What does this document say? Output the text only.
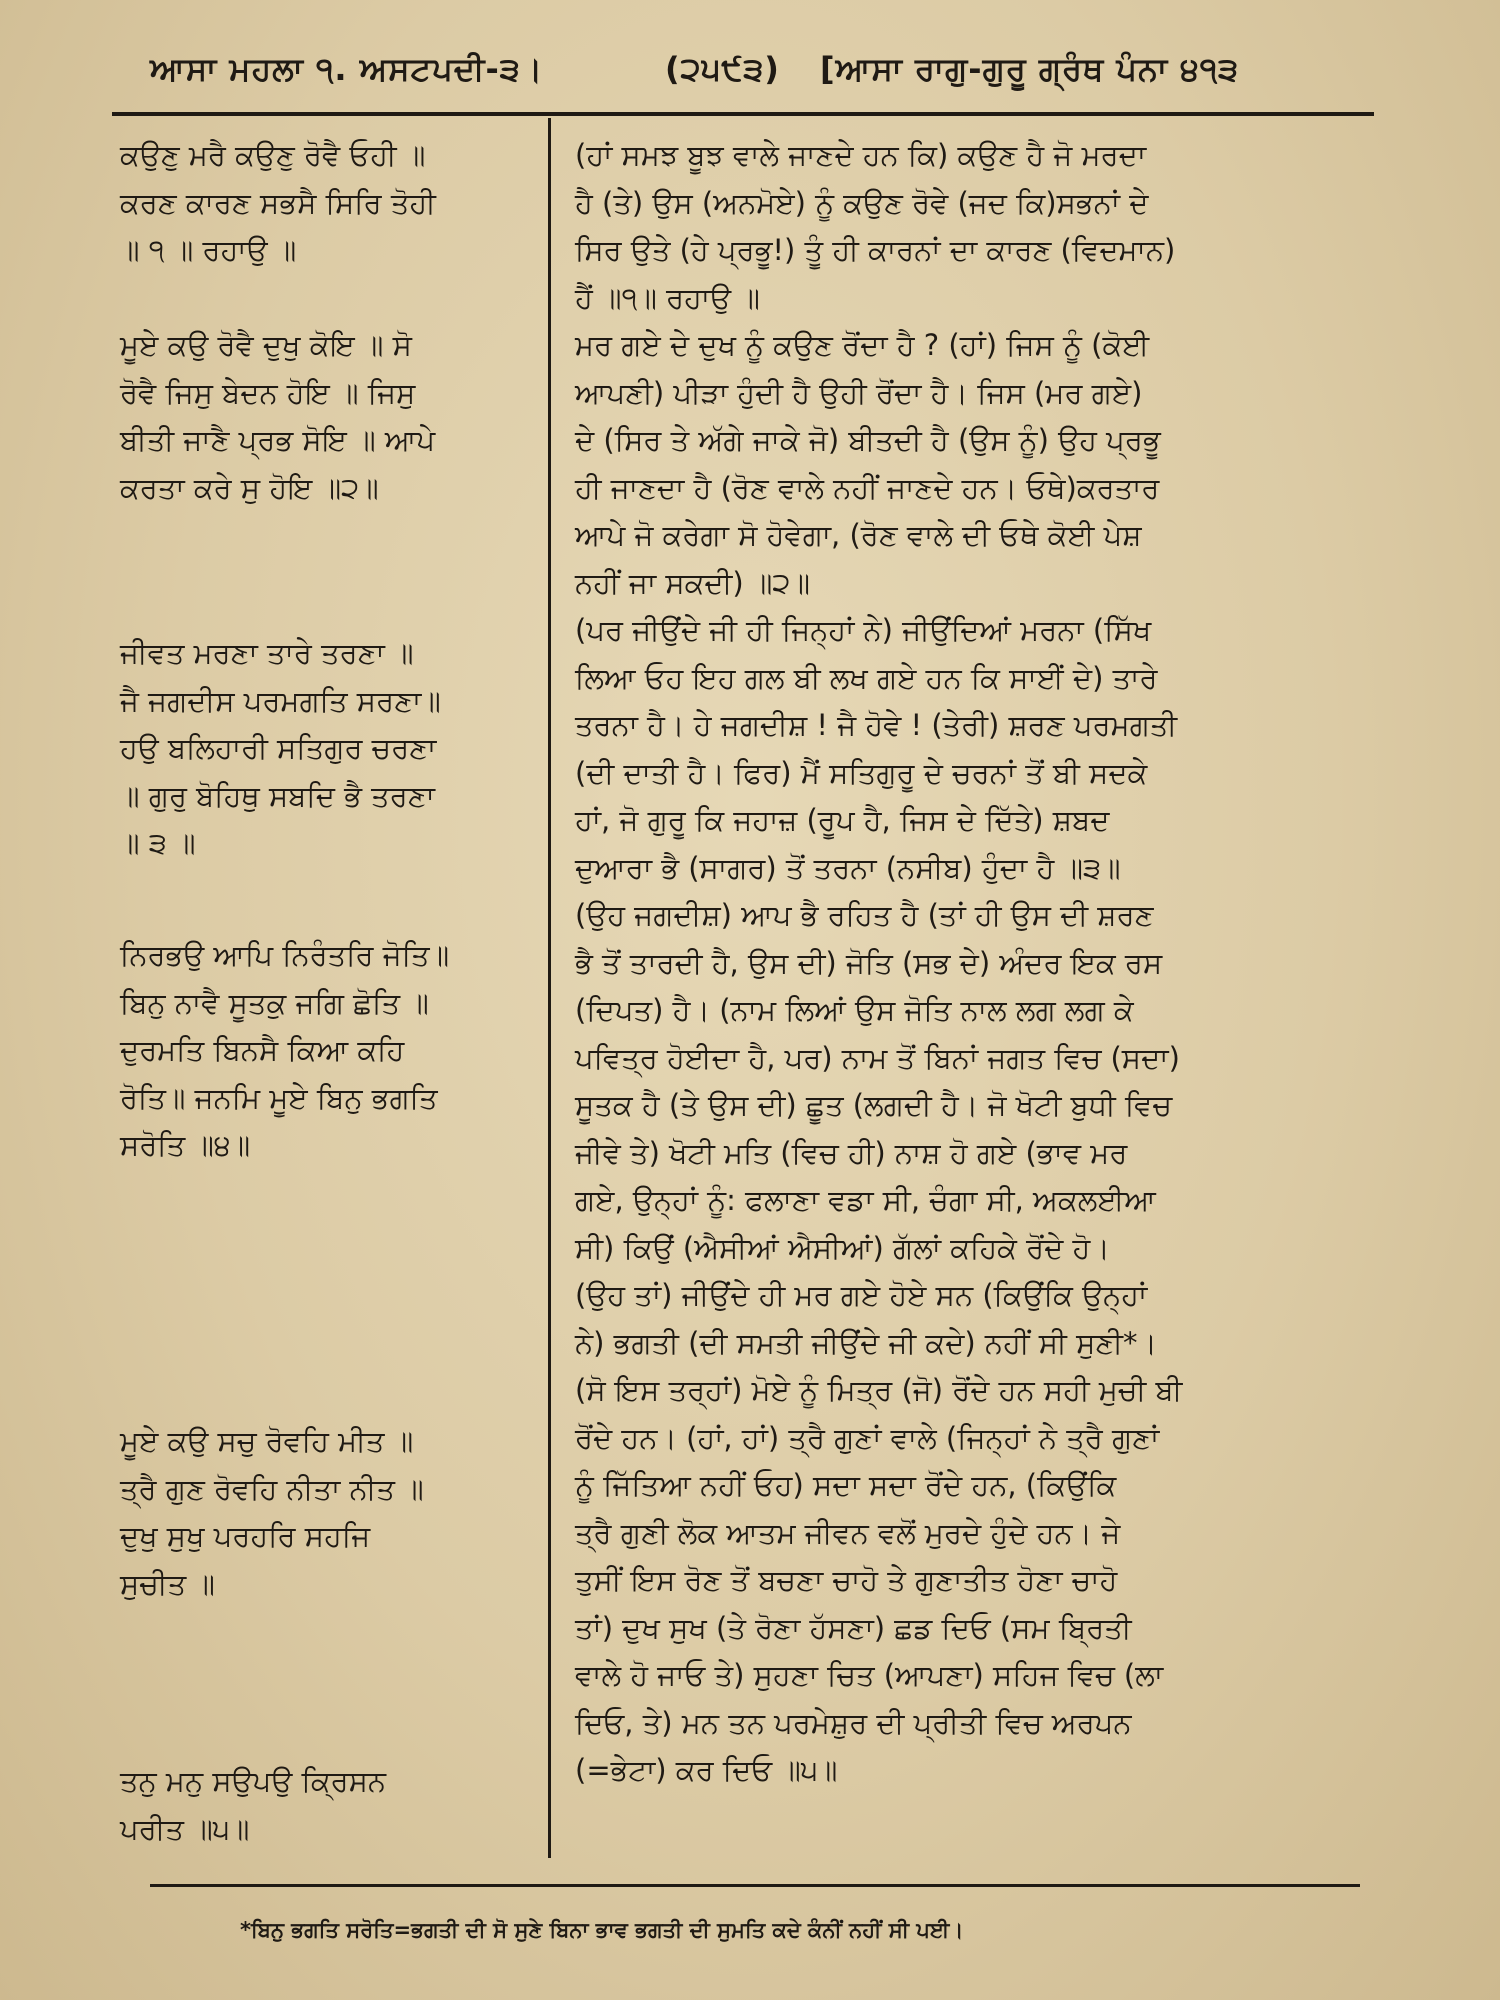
ਆਸਾ ਮਹਲਾ ੧. ਅਸਟਪਦੀ-੩।	(੨੫੯੩) [ਆਸਾ ਰਾਗੁ-ਗੁਰੂ ਗ੍ਰੰਥ ਪੰਨਾ ੪੧੩

ਕਉਣੁ ਮਰੈ ਕਉਣੁ ਰੋਵੈ ਓਹੀ ॥

ਕਰਣ ਕਾਰਣ ਸਭਸੈ ਸਿਰਿ ਤੋਹੀ

॥ ੧ ॥ ਰਹਾਉ ॥

ਮੂਏ ਕਉ ਰੋਵੈ ਦੁਖੁ ਕੋਇ ॥ ਸੋ

ਰੋਵੈ ਜਿਸੁ ਬੇਦਨ ਹੋਇ ॥ ਜਿਸੁ

ਬੀਤੀ ਜਾਣੈ ਪ੍ਰਭ ਸੋਇ ॥ ਆਪੇ

ਕਰਤਾ ਕਰੇ ਸੁ ਹੋਇ ॥੨॥

ਜੀਵਤ ਮਰਣਾ ਤਾਰੇ ਤਰਣਾ ॥

ਜੈ ਜਗਦੀਸ ਪਰਮਗਤਿ ਸਰਣਾ॥

ਹਉ ਬਲਿਹਾਰੀ ਸਤਿਗੁਰ ਚਰਣਾ

॥ ਗੁਰੁ ਬੋਹਿਥੁ ਸਬਦਿ ਭੈ ਤਰਣਾ

॥ ੩ ॥

ਨਿਰਭਉ ਆਪਿ ਨਿਰੰਤਰਿ ਜੋਤਿ॥

ਬਿਨੁ ਨਾਵੈ ਸੂਤਕੁ ਜਗਿ ਛੋਤਿ ॥

ਦੁਰਮਤਿ ਬਿਨਸੈ ਕਿਆ ਕਹਿ

ਰੋਤਿ॥ ਜਨਮਿ ਮੂਏ ਬਿਨੁ ਭਗਤਿ

ਸਰੋਤਿ ॥੪॥

ਮੂਏ ਕਉ ਸਚੁ ਰੋਵਹਿ ਮੀਤ ॥

ਤ੍ਰੈ ਗੁਣ ਰੋਵਹਿ ਨੀਤਾ ਨੀਤ ॥

ਦੁਖੁ ਸੁਖੁ ਪਰਹਰਿ ਸਹਜਿ

ਸੁਚੀਤ ॥

ਤਨੁ ਮਨੁ ਸਉਪਉ ਕ੍ਰਿਸਨ

ਪਰੀਤ ॥੫॥

(ਹਾਂ ਸਮਝ ਬੂਝ ਵਾਲੇ ਜਾਣਦੇ ਹਨ ਕਿ) ਕਉਣ ਹੈ ਜੋ ਮਰਦਾ

ਹੈ (ਤੇ) ਉਸ (ਅਨਮੋਏ) ਨੂੰ ਕਉਣ ਰੋਵੇ (ਜਦ ਕਿ)ਸਭਨਾਂ ਦੇ

ਸਿਰ ਉਤੇ (ਹੇ ਪ੍ਰਭੂ!) ਤੂੰ ਹੀ ਕਾਰਨਾਂ ਦਾ ਕਾਰਣ (ਵਿਦਮਾਨ)

ਹੈਂ ॥੧॥ ਰਹਾਉ ॥

ਮਰ ਗਏ ਦੇ ਦੁਖ ਨੂੰ ਕਉਣ ਰੋਂਦਾ ਹੈ ? (ਹਾਂ) ਜਿਸ ਨੂੰ (ਕੋਈ

ਆਪਣੀ) ਪੀੜਾ ਹੁੰਦੀ ਹੈ ਉਹੀ ਰੋਂਦਾ ਹੈ। ਜਿਸ (ਮਰ ਗਏ)

ਦੇ (ਸਿਰ ਤੇ ਅੱਗੇ ਜਾਕੇ ਜੋ) ਬੀਤਦੀ ਹੈ (ਉਸ ਨੂੰ) ਉਹ ਪ੍ਰਭੂ

ਹੀ ਜਾਣਦਾ ਹੈ (ਰੋਣ ਵਾਲੇ ਨਹੀਂ ਜਾਣਦੇ ਹਨ। ਓਥੇ)ਕਰਤਾਰ

ਆਪੇ ਜੋ ਕਰੇਗਾ ਸੋ ਹੋਵੇਗਾ, (ਰੋਣ ਵਾਲੇ ਦੀ ਓਥੇ ਕੋਈ ਪੇਸ਼

ਨਹੀਂ ਜਾ ਸਕਦੀ) ॥੨॥

(ਪਰ ਜੀਉਂਦੇ ਜੀ ਹੀ ਜਿਨ੍ਹਾਂ ਨੇ) ਜੀਉਂਦਿਆਂ ਮਰਨਾ (ਸਿੱਖ

ਲਿਆ ਓਹ ਇਹ ਗਲ ਬੀ ਲਖ ਗਏ ਹਨ ਕਿ ਸਾਈਂ ਦੇ) ਤਾਰੇ

ਤਰਨਾ ਹੈ। ਹੇ ਜਗਦੀਸ਼ ! ਜੈ ਹੋਵੇ ! (ਤੇਰੀ) ਸ਼ਰਣ ਪਰਮਗਤੀ

(ਦੀ ਦਾਤੀ ਹੈ। ਫਿਰ) ਮੈਂ ਸਤਿਗੁਰੂ ਦੇ ਚਰਨਾਂ ਤੋਂ ਬੀ ਸਦਕੇ

ਹਾਂ, ਜੋ ਗੁਰੂ ਕਿ ਜਹਾਜ਼ (ਰੂਪ ਹੈ, ਜਿਸ ਦੇ ਦਿੱਤੇ) ਸ਼ਬਦ

ਦੁਆਰਾ ਭੈ (ਸਾਗਰ) ਤੋਂ ਤਰਨਾ (ਨਸੀਬ) ਹੁੰਦਾ ਹੈ ॥੩॥

(ਉਹ ਜਗਦੀਸ਼) ਆਪ ਭੈ ਰਹਿਤ ਹੈ (ਤਾਂ ਹੀ ਉਸ ਦੀ ਸ਼ਰਣ

ਭੈ ਤੋਂ ਤਾਰਦੀ ਹੈ, ਉਸ ਦੀ) ਜੋਤਿ (ਸਭ ਦੇ) ਅੰਦਰ ਇਕ ਰਸ

(ਦਿਪਤ) ਹੈ। (ਨਾਮ ਲਿਆਂ ਉਸ ਜੋਤਿ ਨਾਲ ਲਗ ਲਗ ਕੇ

ਪਵਿਤ੍ਰ ਹੋਈਦਾ ਹੈ, ਪਰ) ਨਾਮ ਤੋਂ ਬਿਨਾਂ ਜਗਤ ਵਿਚ (ਸਦਾ)

ਸੂਤਕ ਹੈ (ਤੇ ਉਸ ਦੀ) ਛੂਤ (ਲਗਦੀ ਹੈ। ਜੋ ਖੋਟੀ ਬੁਧੀ ਵਿਚ

ਜੀਵੇ ਤੇ) ਖੋਟੀ ਮਤਿ (ਵਿਚ ਹੀ) ਨਾਸ਼ ਹੋ ਗਏ (ਭਾਵ ਮਰ

ਗਏ, ਉਨ੍ਹਾਂ ਨੂੰ: ਫਲਾਣਾ ਵਡਾ ਸੀ, ਚੰਗਾ ਸੀ, ਅਕਲਈਆ

ਸੀ) ਕਿਉਂ (ਐਸੀਆਂ ਐਸੀਆਂ) ਗੱਲਾਂ ਕਹਿਕੇ ਰੋਂਦੇ ਹੋ।

(ਉਹ ਤਾਂ) ਜੀਉਂਦੇ ਹੀ ਮਰ ਗਏ ਹੋਏ ਸਨ (ਕਿਉਂਕਿ ਉਨ੍ਹਾਂ

ਨੇ) ਭਗਤੀ (ਦੀ ਸਮਤੀ ਜੀਉਂਦੇ ਜੀ ਕਦੇ) ਨਹੀਂ ਸੀ ਸੁਣੀ*।

(ਸੋ ਇਸ ਤਰ੍ਹਾਂ) ਮੋਏ ਨੂੰ ਮਿਤ੍ਰ (ਜੋ) ਰੋਂਦੇ ਹਨ ਸਹੀ ਮੁਚੀ ਬੀ

ਰੋਂਦੇ ਹਨ। (ਹਾਂ, ਹਾਂ) ਤ੍ਰੈ ਗੁਣਾਂ ਵਾਲੇ (ਜਿਨ੍ਹਾਂ ਨੇ ਤ੍ਰੈ ਗੁਣਾਂ

ਨੂੰ ਜਿੱਤਿਆ ਨਹੀਂ ਓਹ) ਸਦਾ ਸਦਾ ਰੋਂਦੇ ਹਨ, (ਕਿਉਂਕਿ

ਤ੍ਰੈ ਗੁਣੀ ਲੋਕ ਆਤਮ ਜੀਵਨ ਵਲੋਂ ਮੁਰਦੇ ਹੁੰਦੇ ਹਨ। ਜੇ

ਤੁਸੀਂ ਇਸ ਰੋਣ ਤੋਂ ਬਚਣਾ ਚਾਹੋ ਤੇ ਗੁਣਾਤੀਤ ਹੋਣਾ ਚਾਹੋ

ਤਾਂ) ਦੁਖ ਸੁਖ (ਤੇ ਰੋਣਾ ਹੱਸਣਾ) ਛਡ ਦਿਓ (ਸਮ ਬ੍ਰਿਤੀ

ਵਾਲੇ ਹੋ ਜਾਓ ਤੇ) ਸੁਹਣਾ ਚਿਤ (ਆਪਣਾ) ਸਹਿਜ ਵਿਚ (ਲਾ

ਦਿਓ, ਤੇ) ਮਨ ਤਨ ਪਰਮੇਸ਼ੁਰ ਦੀ ਪ੍ਰੀਤੀ ਵਿਚ ਅਰਪਨ

(=ਭੇਟਾ) ਕਰ ਦਿਓ ॥੫॥

*ਬਿਨੁ ਭਗਤਿ ਸਰੋਤਿ=ਭਗਤੀ ਦੀ ਸੋ ਸੁਣੇ ਬਿਨਾ ਭਾਵ ਭਗਤੀ ਦੀ ਸੁਮਤਿ ਕਦੇ ਕੰਨੀਂ ਨਹੀਂ ਸੀ ਪਈ।
